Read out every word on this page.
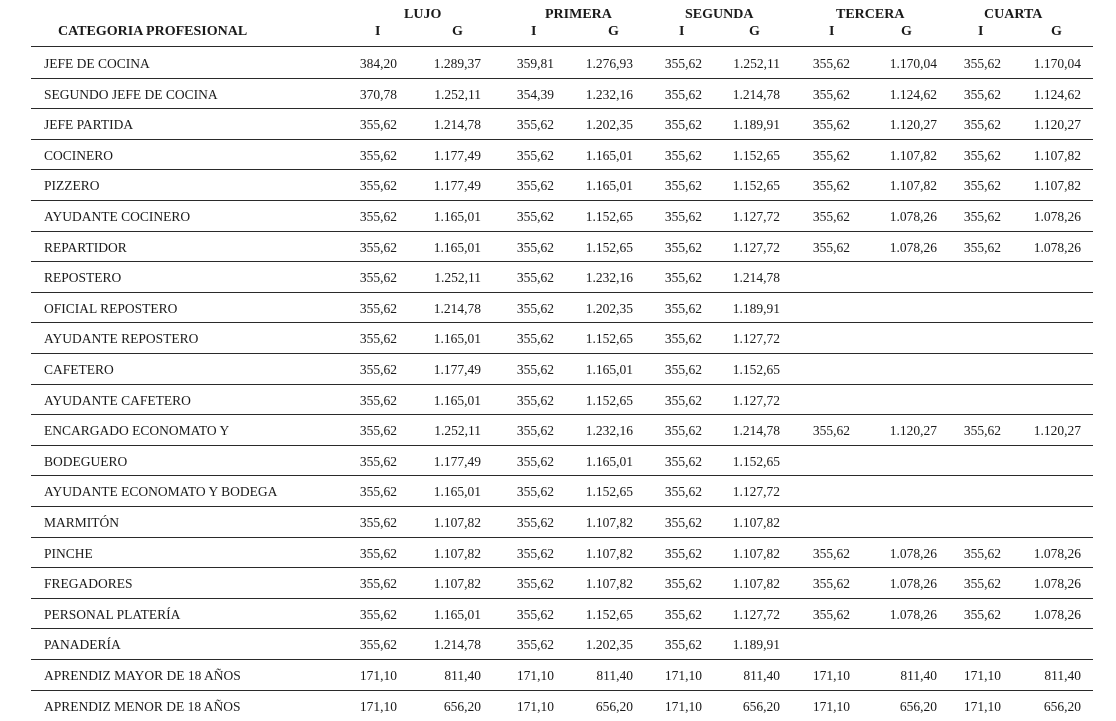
CATEGORIA PROFESIONAL
LUJO	PRIMERA	SEGUNDA	TERCERA	CUARTA
I	G	I	G	I	G	I	G	I	G
JEFE DE COCINA	384,20	1.289,37	359,81	1.276,93	355,62	1.252,11	355,62	1.170,04	355,62	1.170,04
SEGUNDO JEFE DE COCINA	370,78	1.252,11	354,39	1.232,16	355,62	1.214,78	355,62	1.124,62	355,62	1.124,62
JEFE PARTIDA	355,62	1.214,78	355,62	1.202,35	355,62	1.189,91	355,62	1.120,27	355,62	1.120,27
COCINERO	355,62	1.177,49	355,62	1.165,01	355,62	1.152,65	355,62	1.107,82	355,62	1.107,82
PIZZERO	355,62	1.177,49	355,62	1.165,01	355,62	1.152,65	355,62	1.107,82	355,62	1.107,82
AYUDANTE COCINERO	355,62	1.165,01	355,62	1.152,65	355,62	1.127,72	355,62	1.078,26	355,62	1.078,26
REPARTIDOR	355,62	1.165,01	355,62	1.152,65	355,62	1.127,72	355,62	1.078,26	355,62	1.078,26
REPOSTERO	355,62	1.252,11	355,62	1.232,16	355,62	1.214,78
OFICIAL REPOSTERO	355,62	1.214,78	355,62	1.202,35	355,62	1.189,91
AYUDANTE REPOSTERO	355,62	1.165,01	355,62	1.152,65	355,62	1.127,72
CAFETERO	355,62	1.177,49	355,62	1.165,01	355,62	1.152,65
AYUDANTE CAFETERO	355,62	1.165,01	355,62	1.152,65	355,62	1.127,72
ENCARGADO ECONOMATO Y	355,62	1.252,11	355,62	1.232,16	355,62	1.214,78	355,62	1.120,27	355,62	1.120,27
BODEGUERO	355,62	1.177,49	355,62	1.165,01	355,62	1.152,65
AYUDANTE ECONOMATO Y BODEGA	355,62	1.165,01	355,62	1.152,65	355,62	1.127,72
MARMITÓN	355,62	1.107,82	355,62	1.107,82	355,62	1.107,82
PINCHE	355,62	1.107,82	355,62	1.107,82	355,62	1.107,82	355,62	1.078,26	355,62	1.078,26
FREGADORES	355,62	1.107,82	355,62	1.107,82	355,62	1.107,82	355,62	1.078,26	355,62	1.078,26
PERSONAL PLATERÍA	355,62	1.165,01	355,62	1.152,65	355,62	1.127,72	355,62	1.078,26	355,62	1.078,26
PANADERÍA	355,62	1.214,78	355,62	1.202,35	355,62	1.189,91
APRENDIZ MAYOR DE 18 AÑOS	171,10	811,40	171,10	811,40	171,10	811,40	171,10	811,40	171,10	811,40
APRENDIZ MENOR DE 18 AÑOS	171,10	656,20	171,10	656,20	171,10	656,20	171,10	656,20	171,10	656,20
